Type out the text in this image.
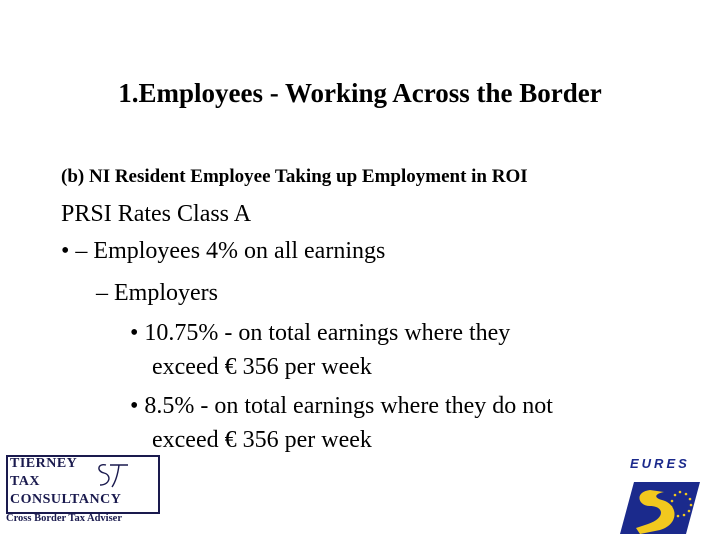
1.Employees - Working Across the Border
(b) NI Resident Employee Taking up Employment in ROI
PRSI Rates Class A
• – Employees 4% on all earnings
– Employers
• 10.75% - on total earnings where they
exceed € 356 per week
• 8.5% - on total earnings where they do not
exceed € 356 per week
TIERNEY
TAX
CONSULTANCY
Cross Border Tax Adviser
EURES
